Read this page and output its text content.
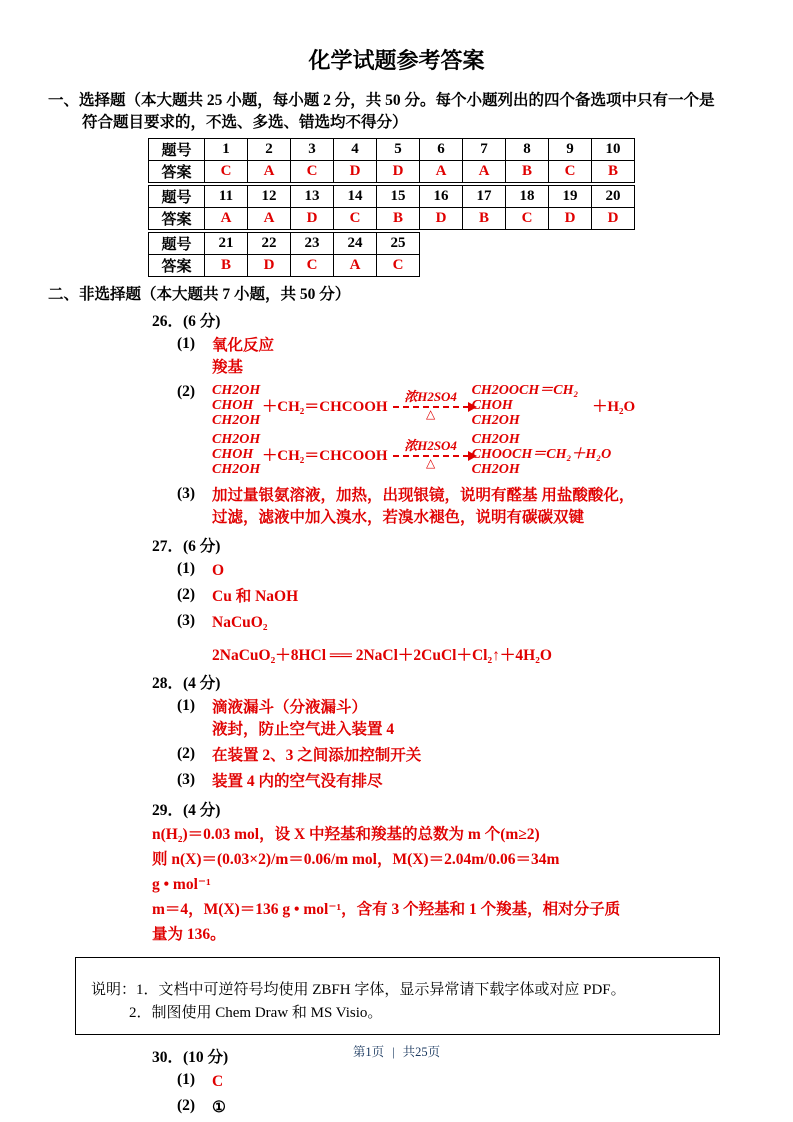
化学试题参考答案
一、选择题（本大题共 25 小题，每小题 2 分，共 50 分。每个小题列出的四个备选项中只有一个是
符合题目要求的，不选、多选、错选均不得分）
题号	1	2	3	4	5	6	7	8	9	10
答案	C	A	C	D	D	A	A	B	C	B
题号	11	12	13	14	15	16	17	18	19	20
答案	A	A	D	C	B	D	B	C	D	D
题号	21	22	23	24	25
答案	B	D	C	A	C
二、非选择题（本大题共 7 小题，共 50 分）
26．(6 分)
(1)	氧化反应
羧基
(2)	CH2OH
CHOH
CH2OH
＋CH₂＝CHCOOH
浓H2SO4
△
CH2OOCH＝CH₂
CHOH
CH2OH
＋H₂O
CH2OH
CHOH
CH2OH
＋CH₂＝CHCOOH
浓H2SO4
△
CH2OH
CHOOCH＝CH₂＋H₂O
CH2OH
(3)	加过量银氨溶液，加热，出现银镜，说明有醛基 用盐酸酸化，
过滤，滤液中加入溴水，若溴水褪色，说明有碳碳双键
27．(6 分)
(1)	O
(2)	Cu 和 NaOH
(3)	NaCuO₂
2NaCuO₂＋8HCl ══ 2NaCl＋2CuCl＋Cl₂↑＋4H₂O
28．(4 分)
(1)	滴液漏斗（分液漏斗）
液封，防止空气进入装置 4
(2)	在装置 2、3 之间添加控制开关
(3)	装置 4 内的空气没有排尽
29．(4 分)
n(H₂)＝0.03 mol，设 X 中羟基和羧基的总数为 m 个(m≥2)
则 n(X)＝(0.03×2)/m＝0.06/m mol，M(X)＝2.04m/0.06＝34m
g • mol⁻¹
m＝4，M(X)＝136 g • mol⁻¹，含有 3 个羟基和 1 个羧基，相对分子质
量为 136。
说明：1．文档中可逆符号均使用 ZBFH 字体，显示异常请下载字体或对应 PDF。
2．制图使用 Chem Draw 和 MS Visio。
30．(10 分)
(1)	C
(2)	①
第1页 | 共25页
